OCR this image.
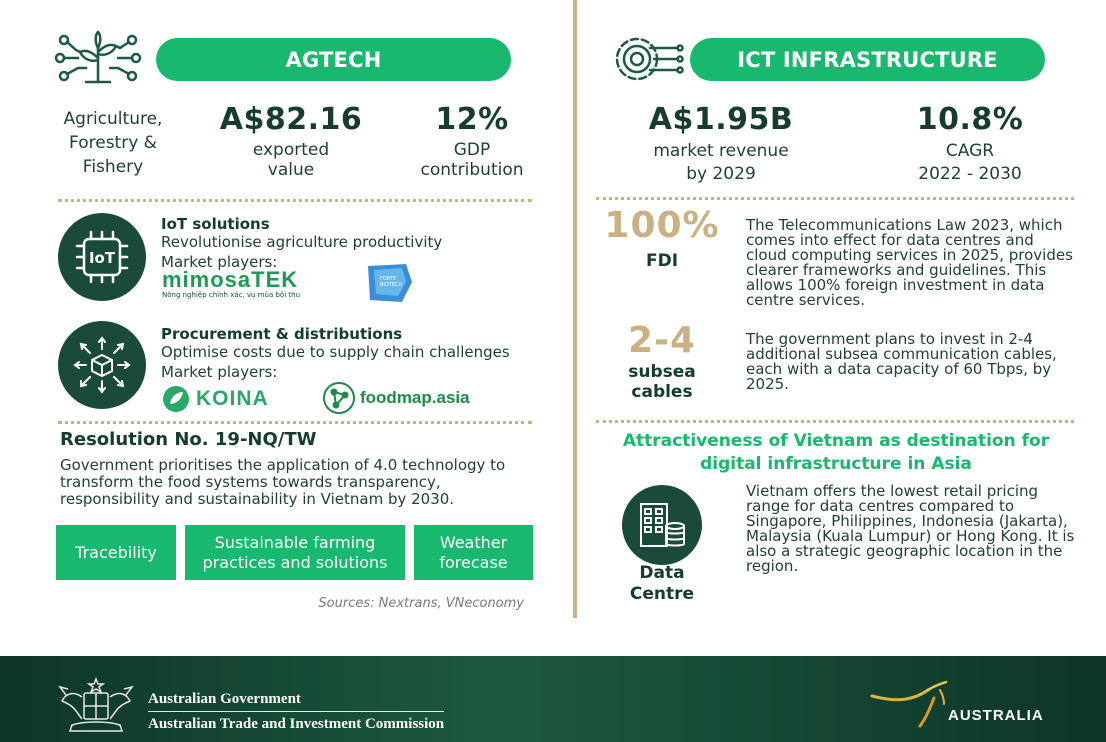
AGTECH
Agriculture,
Forestry &
Fishery
A$82.16
exported
value
12%
GDP
contribution
IoT
IoT solutions
Revolutionise agriculture productivity
Market players:
mimosaTEK
Nông nghiệp chính xác, vụ mùa bội thu
FORTE BIOTECH
Procurement & distributions
Optimise costs due to supply chain challenges
Market players:
KOINA	foodmap.asia
Resolution No. 19-NQ/TW
Government prioritises the application of 4.0 technology to transform the food systems towards transparency, responsibility and sustainability in Vietnam by 2030.
Tracebility
Sustainable farming practices and solutions
Weather forecase
Sources: Nextrans, VNeconomy
ICT INFRASTRUCTURE
A$1.95B
market revenue
by 2029
10.8%
CAGR
2022 - 2030
100%
FDI
The Telecommunications Law 2023, which comes into effect for data centres and cloud computing services in 2025, provides clearer frameworks and guidelines. This allows 100% foreign investment in data centre services.
2-4
subsea
cables
The government plans to invest in 2-4 additional subsea communication cables, each with a data capacity of 60 Tbps, by 2025.
Attractiveness of Vietnam as destination for digital infrastructure in Asia
Data
Centre
Vietnam offers the lowest retail pricing range for data centres compared to Singapore, Philippines, Indonesia (Jakarta), Malaysia (Kuala Lumpur) or Hong Kong. It is also a strategic geographic location in the region.
Australian Government
Australian Trade and Investment Commission	AUSTRALIA
